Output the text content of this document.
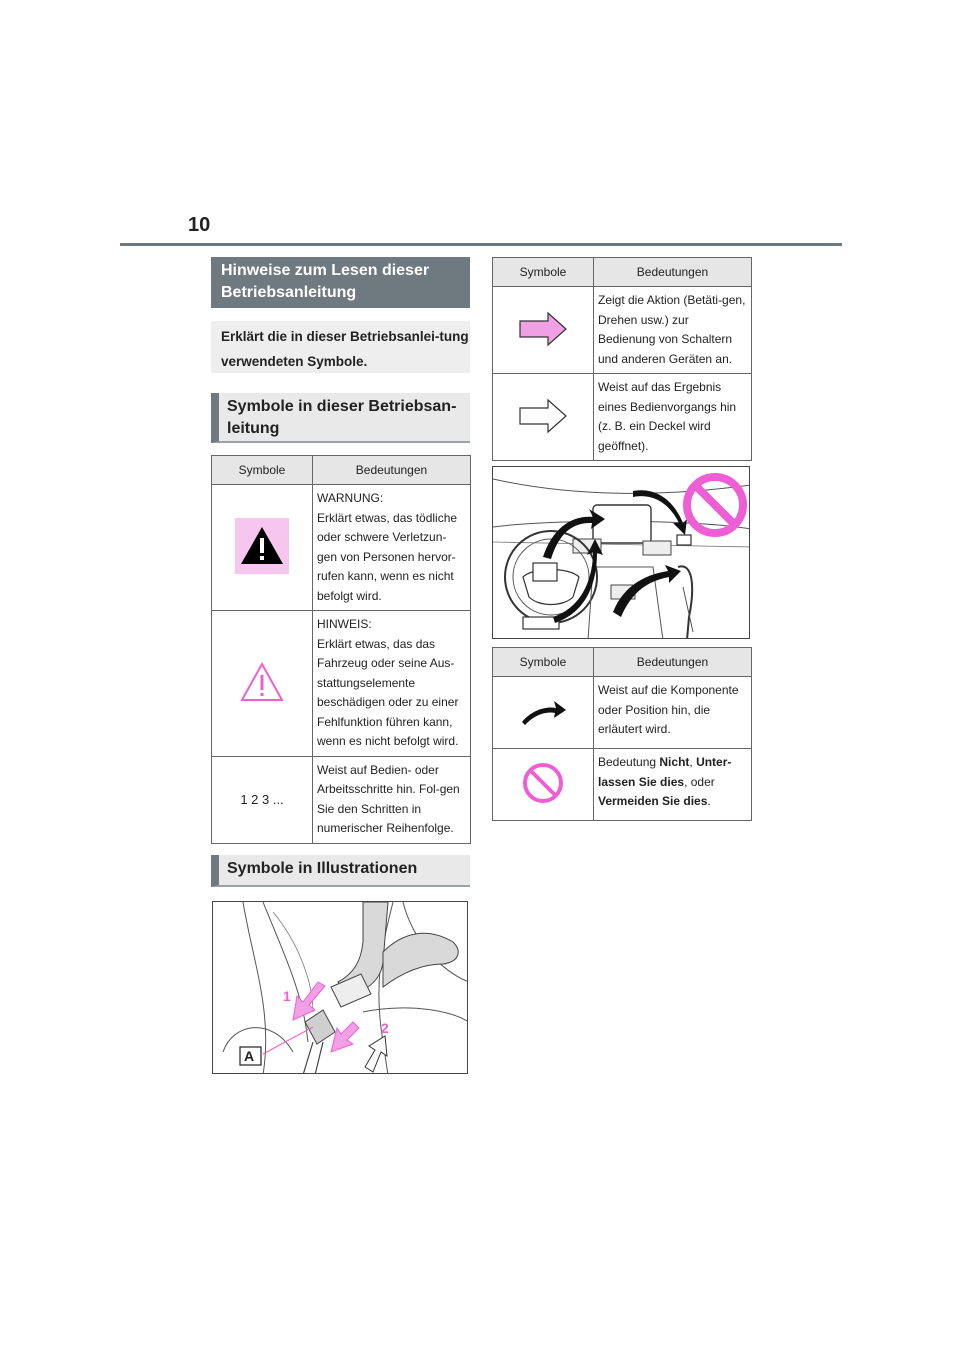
10
Hinweise zum Lesen dieser Betriebsanleitung
Erklärt die in dieser Betriebsanlei-tung verwendeten Symbole.
Symbole in dieser Betriebsan-leitung
Symbole	Bedeutungen

WARNUNG:
Erklärt etwas, das tödliche oder schwere Verletzun-gen von Personen hervor-rufen kann, wenn es nicht befolgt wird.

HINWEIS:
Erklärt etwas, das das Fahrzeug oder seine Aus-stattungselemente beschädigen oder zu einer Fehlfunktion führen kann, wenn es nicht befolgt wird.

1 2 3 ...	Weist auf Bedien- oder Arbeitsschritte hin. Fol-gen Sie den Schritten in numerischer Reihenfolge.
Symbole in Illustrationen
A
1
2
Symbole	Bedeutungen

Zeigt die Aktion (Betäti-gen, Drehen usw.) zur Bedienung von Schaltern und anderen Geräten an.

Weist auf das Ergebnis eines Bedienvorgangs hin (z. B. ein Deckel wird geöffnet).
Symbole	Bedeutungen

Weist auf die Komponente oder Position hin, die erläutert wird.

	Bedeutung Nicht, Unter-lassen Sie dies, oder Vermeiden Sie dies.
